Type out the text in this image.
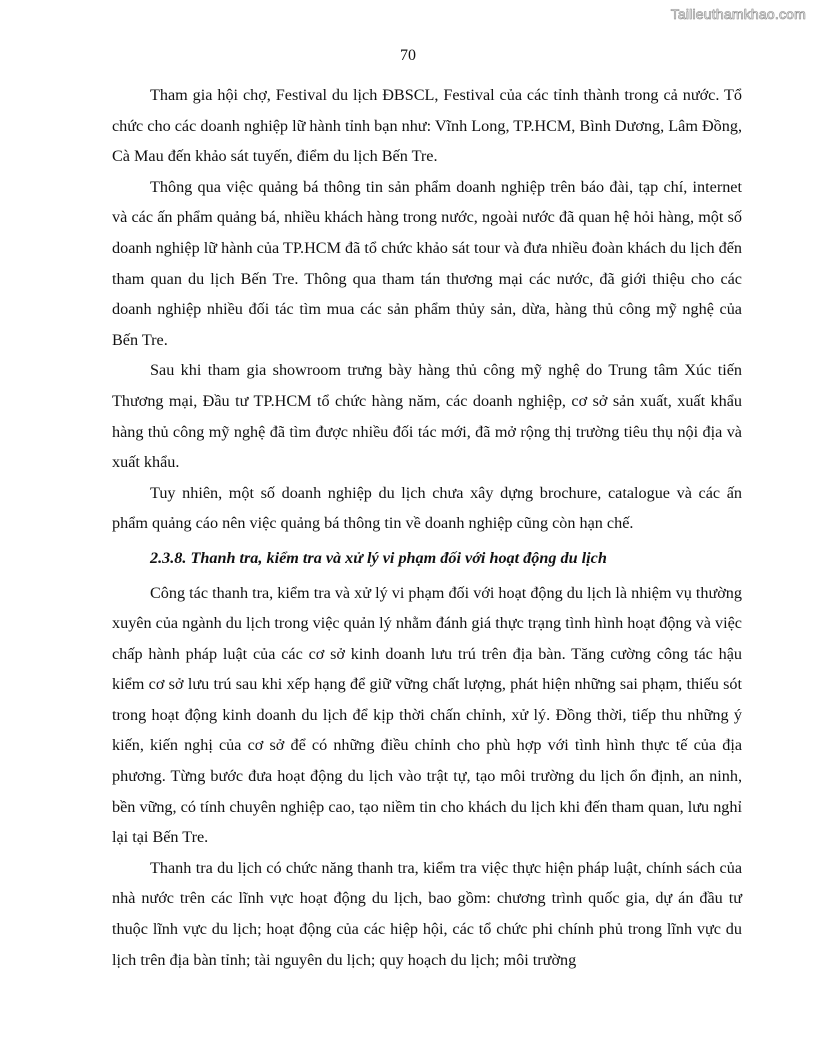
Tailieuthamkhao.com
70

Tham gia hội chợ, Festival du lịch ĐBSCL, Festival của các tỉnh thành trong cả nước. Tổ chức cho các doanh nghiệp lữ hành tỉnh bạn như: Vĩnh Long, TP.HCM, Bình Dương, Lâm Đồng, Cà Mau đến khảo sát tuyến, điểm du lịch Bến Tre.

Thông qua việc quảng bá thông tin sản phẩm doanh nghiệp trên báo đài, tạp chí, internet và các ấn phẩm quảng bá, nhiều khách hàng trong nước, ngoài nước đã quan hệ hỏi hàng, một số doanh nghiệp lữ hành của TP.HCM đã tổ chức khảo sát tour và đưa nhiều đoàn khách du lịch đến tham quan du lịch Bến Tre. Thông qua tham tán thương mại các nước, đã giới thiệu cho các doanh nghiệp nhiều đối tác tìm mua các sản phẩm thủy sản, dừa, hàng thủ công mỹ nghệ của Bến Tre.

Sau khi tham gia showroom trưng bày hàng thủ công mỹ nghệ do Trung tâm Xúc tiến Thương mại, Đầu tư TP.HCM tổ chức hàng năm, các doanh nghiệp, cơ sở sản xuất, xuất khẩu hàng thủ công mỹ nghệ đã tìm được nhiều đối tác mới, đã mở rộng thị trường tiêu thụ nội địa và xuất khẩu.

Tuy nhiên, một số doanh nghiệp du lịch chưa xây dựng brochure, catalogue và các ấn phẩm quảng cáo nên việc quảng bá thông tin về doanh nghiệp cũng còn hạn chế.

2.3.8. Thanh tra, kiểm tra và xử lý vi phạm đối với hoạt động du lịch

Công tác thanh tra, kiểm tra và xử lý vi phạm đối với hoạt động du lịch là nhiệm vụ thường xuyên của ngành du lịch trong việc quản lý nhằm đánh giá thực trạng tình hình hoạt động và việc chấp hành pháp luật của các cơ sở kinh doanh lưu trú trên địa bàn. Tăng cường công tác hậu kiểm cơ sở lưu trú sau khi xếp hạng để giữ vững chất lượng, phát hiện những sai phạm, thiếu sót trong hoạt động kinh doanh du lịch để kịp thời chấn chỉnh, xử lý. Đồng thời, tiếp thu những ý kiến, kiến nghị của cơ sở để có những điều chỉnh cho phù hợp với tình hình thực tế của địa phương. Từng bước đưa hoạt động du lịch vào trật tự, tạo môi trường du lịch ổn định, an ninh, bền vững, có tính chuyên nghiệp cao, tạo niềm tin cho khách du lịch khi đến tham quan, lưu nghỉ lại tại Bến Tre.

Thanh tra du lịch có chức năng thanh tra, kiểm tra việc thực hiện pháp luật, chính sách của nhà nước trên các lĩnh vực hoạt động du lịch, bao gồm: chương trình quốc gia, dự án đầu tư thuộc lĩnh vực du lịch; hoạt động của các hiệp hội, các tổ chức phi chính phủ trong lĩnh vực du lịch trên địa bàn tỉnh; tài nguyên du lịch; quy hoạch du lịch; môi trường
